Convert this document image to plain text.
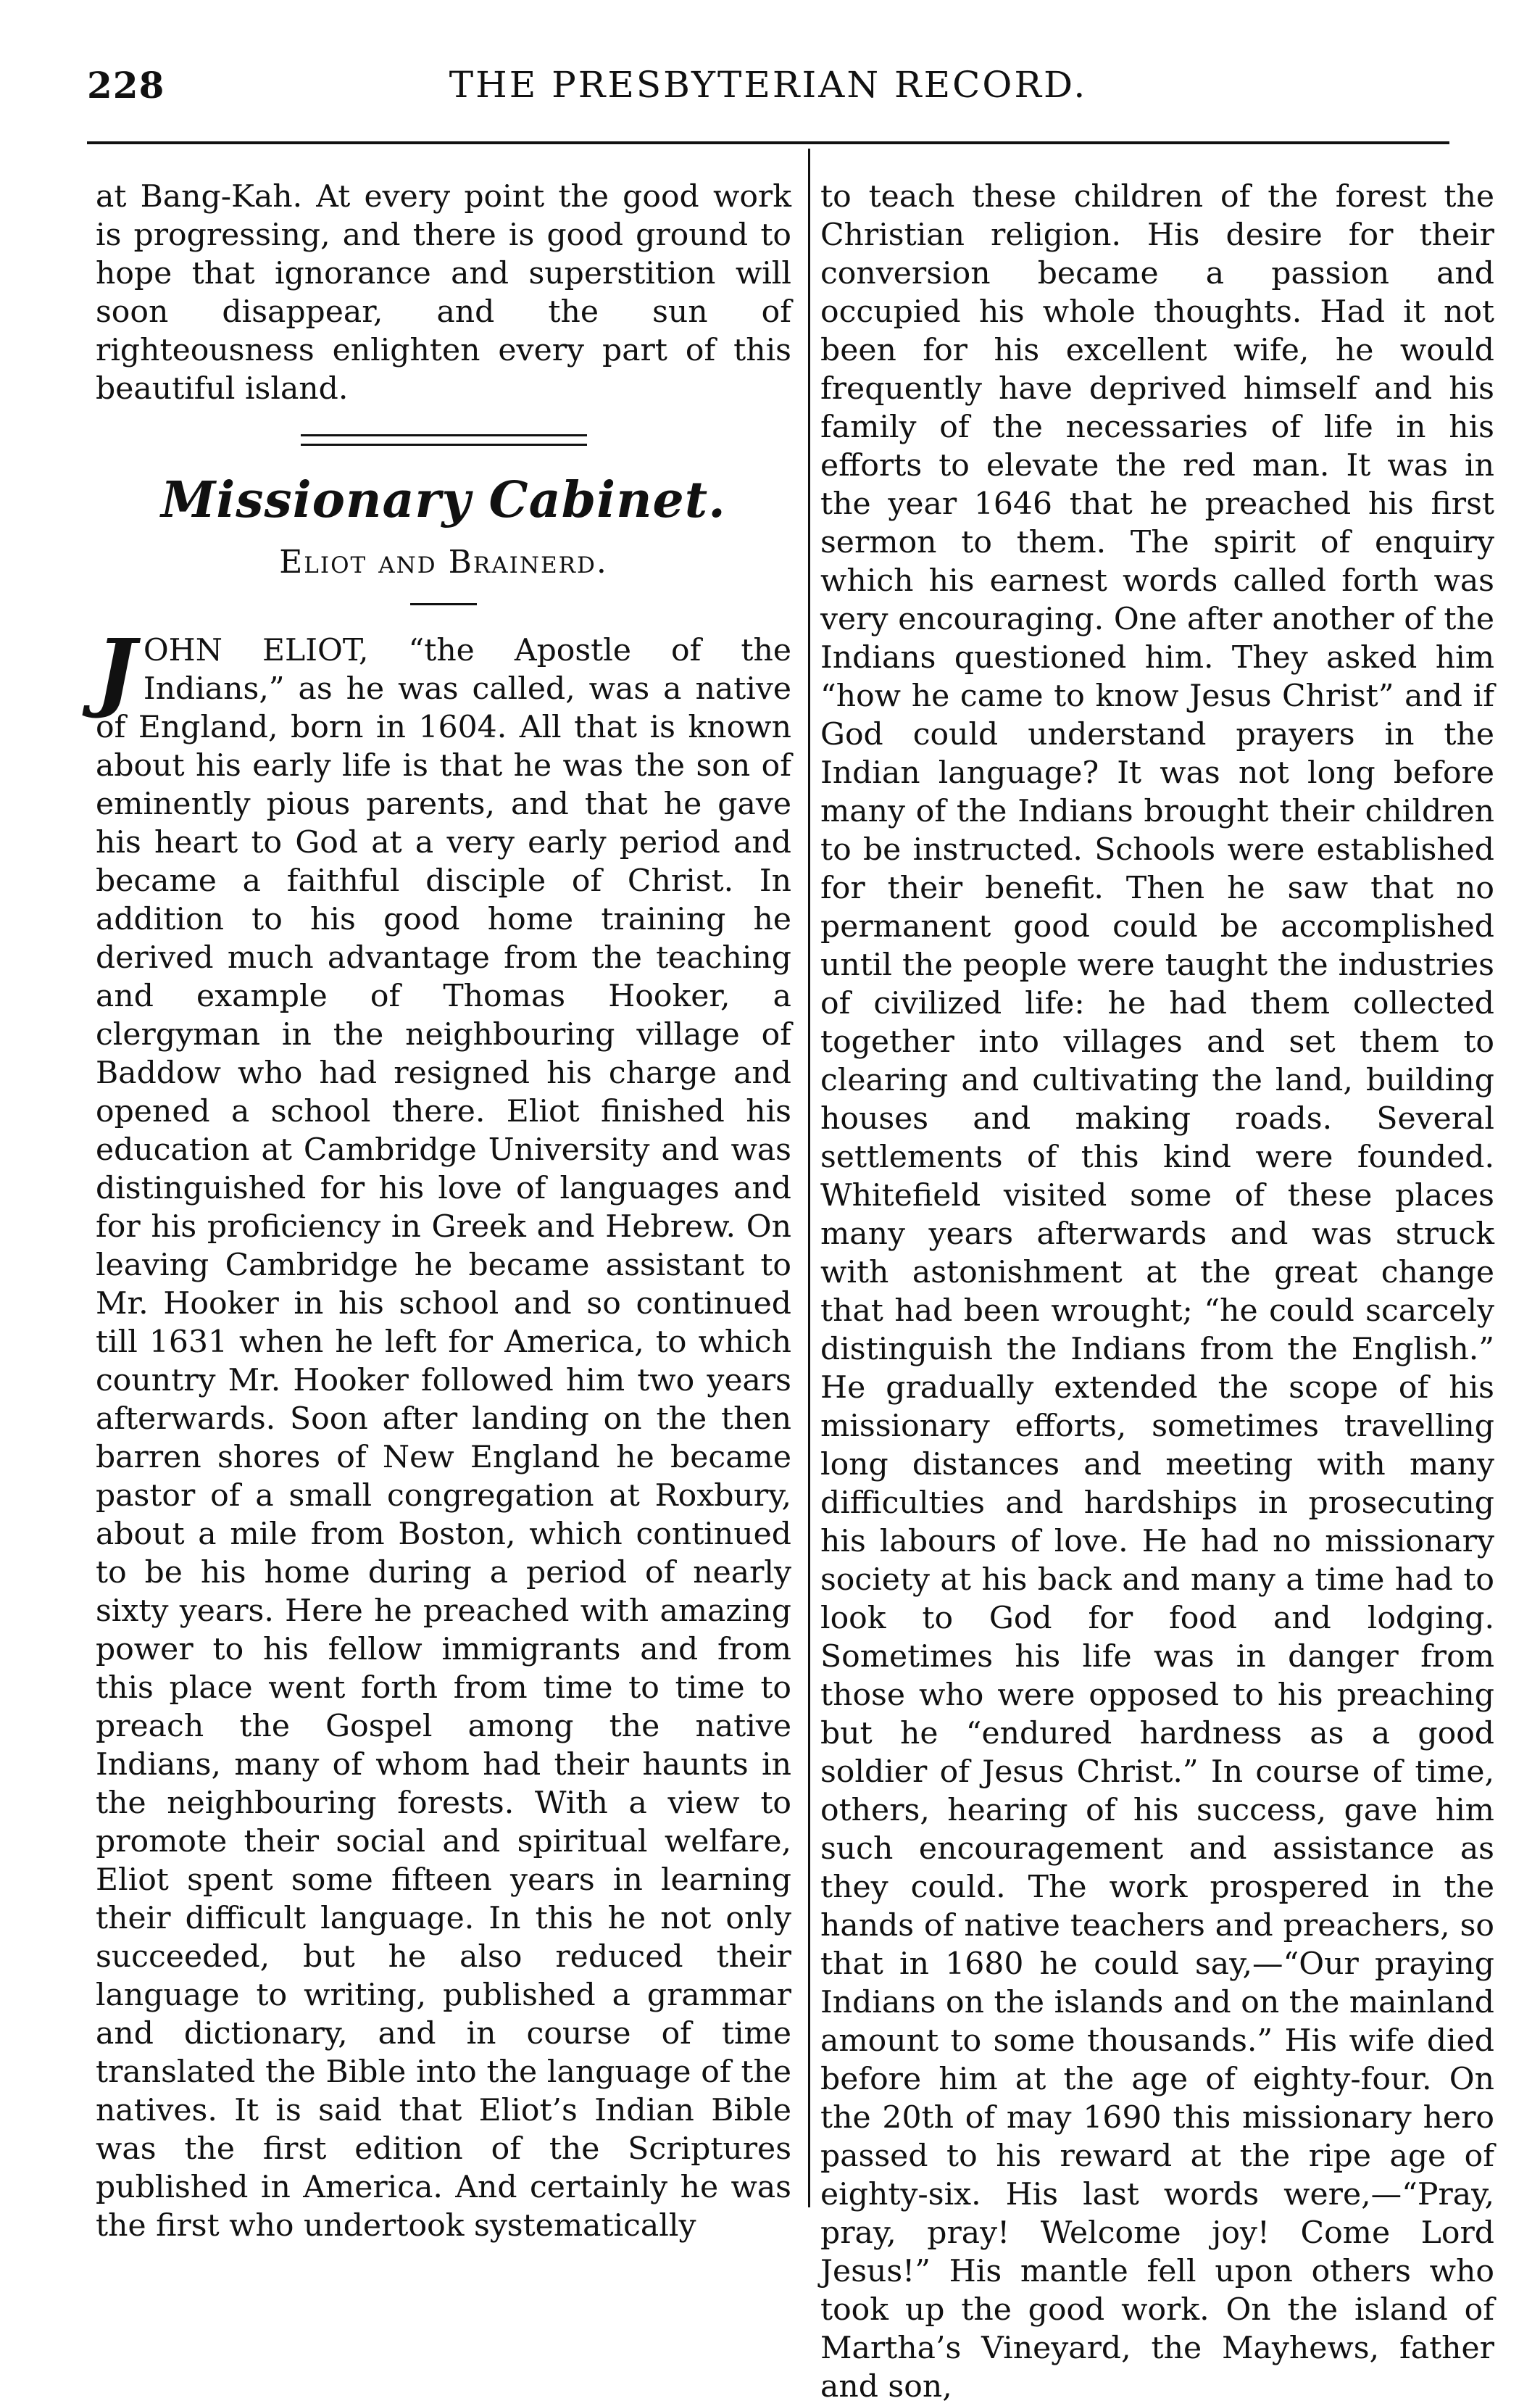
228	THE PRESBYTERIAN RECORD.

at Bang-Kah. At every point the good work is progressing, and there is good ground to hope that ignorance and superstition will soon disappear, and the sun of righteousness enlighten every part of this beautiful island.

Missionary Cabinet.
Eliot and Brainerd.

JOHN ELIOT, “the Apostle of the Indians,” as he was called, was a native of England, born in 1604. All that is known about his early life is that he was the son of eminently pious parents, and that he gave his heart to God at a very early period and became a faithful disciple of Christ. In addition to his good home training he derived much advantage from the teaching and example of Thomas Hooker, a clergyman in the neighbouring village of Baddow who had resigned his charge and opened a school there. Eliot finished his education at Cambridge University and was distinguished for his love of languages and for his proficiency in Greek and Hebrew. On leaving Cambridge he became assistant to Mr. Hooker in his school and so continued till 1631 when he left for America, to which country Mr. Hooker followed him two years afterwards. Soon after landing on the then barren shores of New England he became pastor of a small congregation at Roxbury, about a mile from Boston, which continued to be his home during a period of nearly sixty years. Here he preached with amazing power to his fellow immigrants and from this place went forth from time to time to preach the Gospel among the native Indians, many of whom had their haunts in the neighbouring forests. With a view to promote their social and spiritual welfare, Eliot spent some fifteen years in learning their difficult language. In this he not only succeeded, but he also reduced their language to writing, published a grammar and dictionary, and in course of time translated the Bible into the language of the natives. It is said that Eliot’s Indian Bible was the first edition of the Scriptures published in America. And certainly he was the first who undertook systematically

to teach these children of the forest the Christian religion. His desire for their conversion became a passion and occupied his whole thoughts. Had it not been for his excellent wife, he would frequently have deprived himself and his family of the necessaries of life in his efforts to elevate the red man. It was in the year 1646 that he preached his first sermon to them. The spirit of enquiry which his earnest words called forth was very encouraging. One after another of the Indians questioned him. They asked him “how he came to know Jesus Christ” and if God could understand prayers in the Indian language? It was not long before many of the Indians brought their children to be instructed. Schools were established for their benefit. Then he saw that no permanent good could be accomplished until the people were taught the industries of civilized life: he had them collected together into villages and set them to clearing and cultivating the land, building houses and making roads. Several settlements of this kind were founded. Whitefield visited some of these places many years afterwards and was struck with astonishment at the great change that had been wrought; “he could scarcely distinguish the Indians from the English.” He gradually extended the scope of his missionary efforts, sometimes travelling long distances and meeting with many difficulties and hardships in prosecuting his labours of love. He had no missionary society at his back and many a time had to look to God for food and lodging. Sometimes his life was in danger from those who were opposed to his preaching but he “endured hardness as a good soldier of Jesus Christ.” In course of time, others, hearing of his success, gave him such encouragement and assistance as they could. The work prospered in the hands of native teachers and preachers, so that in 1680 he could say,—“Our praying Indians on the islands and on the mainland amount to some thousands.” His wife died before him at the age of eighty-four. On the 20th of may 1690 this missionary hero passed to his reward at the ripe age of eighty-six. His last words were,—“Pray, pray, pray! Welcome joy! Come Lord Jesus!” His mantle fell upon others who took up the good work. On the island of Martha’s Vineyard, the Mayhews, father and son,
